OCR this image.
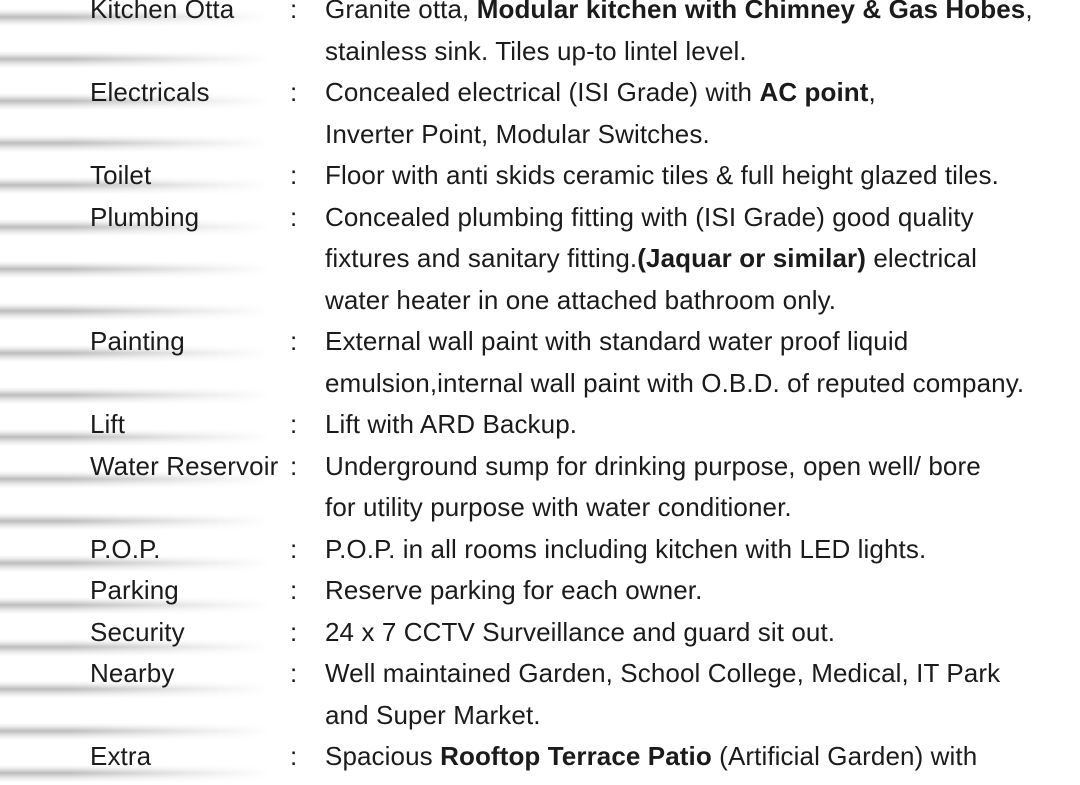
Kitchen Otta : Granite otta, Modular kitchen with Chimney & Gas Hobes,
stainless sink. Tiles up-to lintel level.
Electricals	: Concealed electrical (ISI Grade) with AC point,
Inverter Point, Modular Switches.
Toilet	: Floor with anti skids ceramic tiles & full height glazed tiles.
Plumbing	: Concealed plumbing fitting with (ISI Grade) good quality
fixtures and sanitary fitting.(Jaquar or similar) electrical
water heater in one attached bathroom only.
Painting	: External wall paint with standard water proof liquid
emulsion,internal wall paint with O.B.D. of reputed company.
Lift	: Lift with ARD Backup.
Water Reservoir : Underground sump for drinking purpose, open well/ bore
for utility purpose with water conditioner.
P.O.P.	: P.O.P. in all rooms including kitchen with LED lights.
Parking	: Reserve parking for each owner.
Security	: 24 x 7 CCTV Surveillance and guard sit out.
Nearby	: Well maintained Garden, School College, Medical, IT Park
and Super Market.
Extra	: Spacious Rooftop Terrace Patio (Artificial Garden) with
